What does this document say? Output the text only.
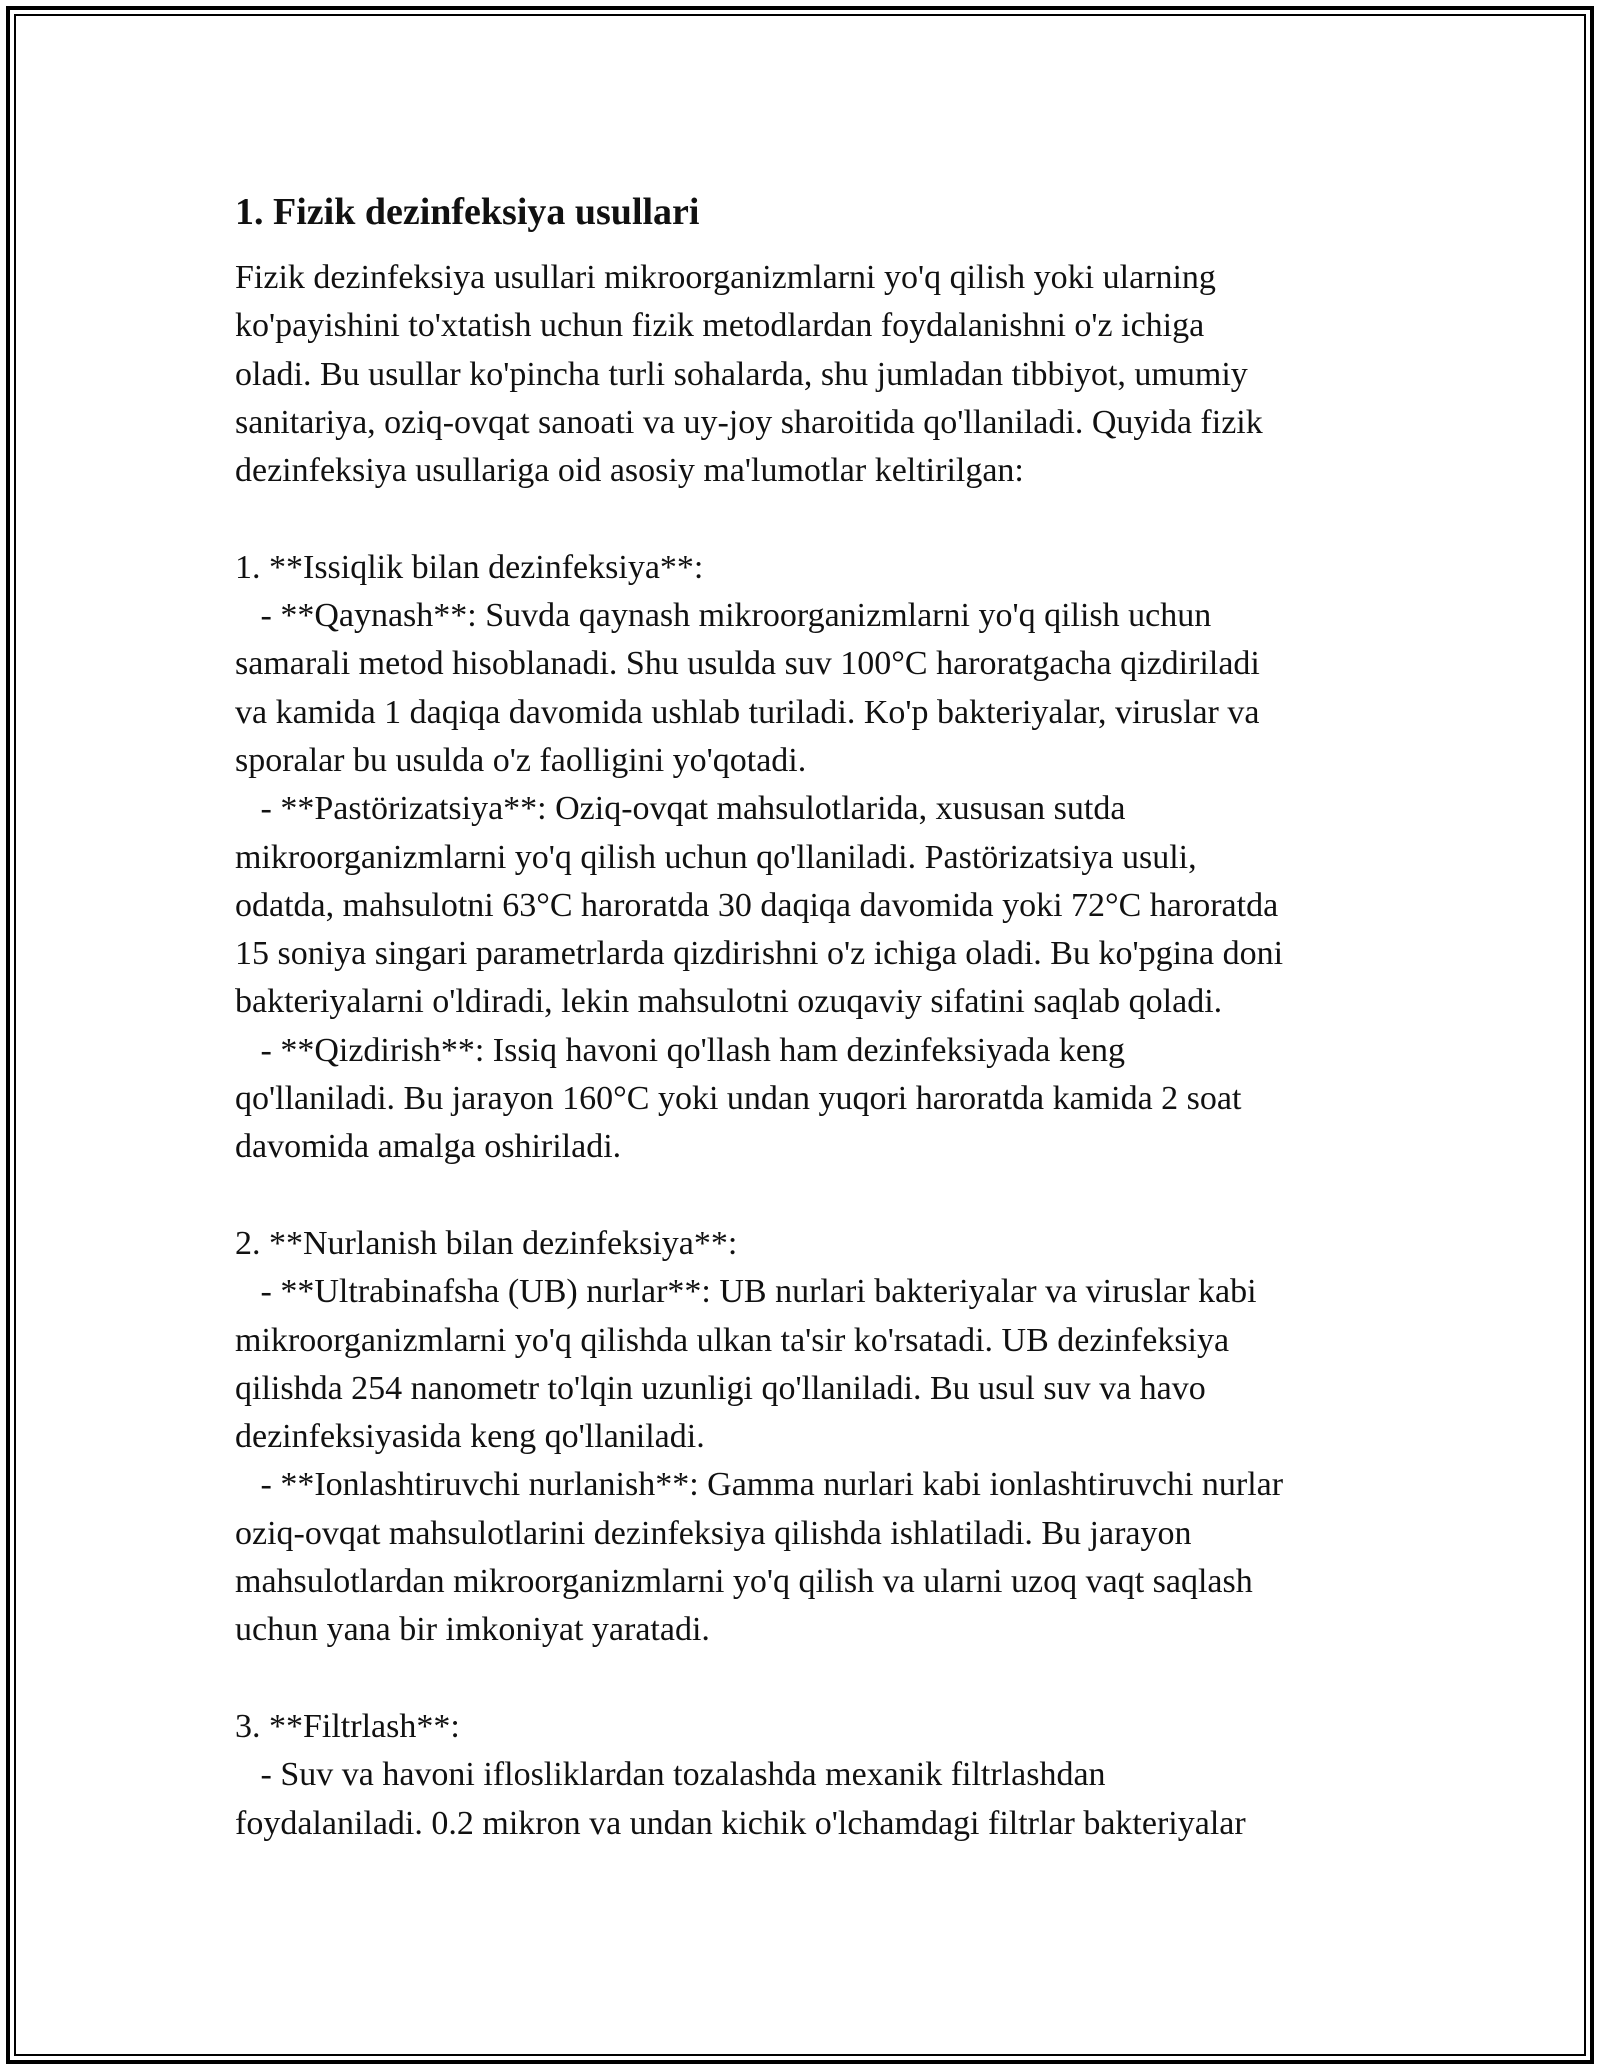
1. Fizik dezinfeksiya usullari
Fizik dezinfeksiya usullari mikroorganizmlarni yo'q qilish yoki ularning
ko'payishini to'xtatish uchun fizik metodlardan foydalanishni o'z ichiga
oladi. Bu usullar ko'pincha turli sohalarda, shu jumladan tibbiyot, umumiy
sanitariya, oziq-ovqat sanoati va uy-joy sharoitida qo'llaniladi. Quyida fizik
dezinfeksiya usullariga oid asosiy ma'lumotlar keltirilgan:
1. **Issiqlik bilan dezinfeksiya**:
- **Qaynash**: Suvda qaynash mikroorganizmlarni yo'q qilish uchun
samarali metod hisoblanadi. Shu usulda suv 100°C haroratgacha qizdiriladi
va kamida 1 daqiqa davomida ushlab turiladi. Ko'p bakteriyalar, viruslar va
sporalar bu usulda o'z faolligini yo'qotadi.
- **Pastörizatsiya**: Oziq-ovqat mahsulotlarida, xususan sutda
mikroorganizmlarni yo'q qilish uchun qo'llaniladi. Pastörizatsiya usuli,
odatda, mahsulotni 63°C haroratda 30 daqiqa davomida yoki 72°C haroratda
15 soniya singari parametrlarda qizdirishni o'z ichiga oladi. Bu ko'pgina doni
bakteriyalarni o'ldiradi, lekin mahsulotni ozuqaviy sifatini saqlab qoladi.
- **Qizdirish**: Issiq havoni qo'llash ham dezinfeksiyada keng
qo'llaniladi. Bu jarayon 160°C yoki undan yuqori haroratda kamida 2 soat
davomida amalga oshiriladi.
2. **Nurlanish bilan dezinfeksiya**:
- **Ultrabinafsha (UB) nurlar**: UB nurlari bakteriyalar va viruslar kabi
mikroorganizmlarni yo'q qilishda ulkan ta'sir ko'rsatadi. UB dezinfeksiya
qilishda 254 nanometr to'lqin uzunligi qo'llaniladi. Bu usul suv va havo
dezinfeksiyasida keng qo'llaniladi.
- **Ionlashtiruvchi nurlanish**: Gamma nurlari kabi ionlashtiruvchi nurlar
oziq-ovqat mahsulotlarini dezinfeksiya qilishda ishlatiladi. Bu jarayon
mahsulotlardan mikroorganizmlarni yo'q qilish va ularni uzoq vaqt saqlash
uchun yana bir imkoniyat yaratadi.
3. **Filtrlash**:
- Suv va havoni iflosliklardan tozalashda mexanik filtrlashdan
foydalaniladi. 0.2 mikron va undan kichik o'lchamdagi filtrlar bakteriyalar
